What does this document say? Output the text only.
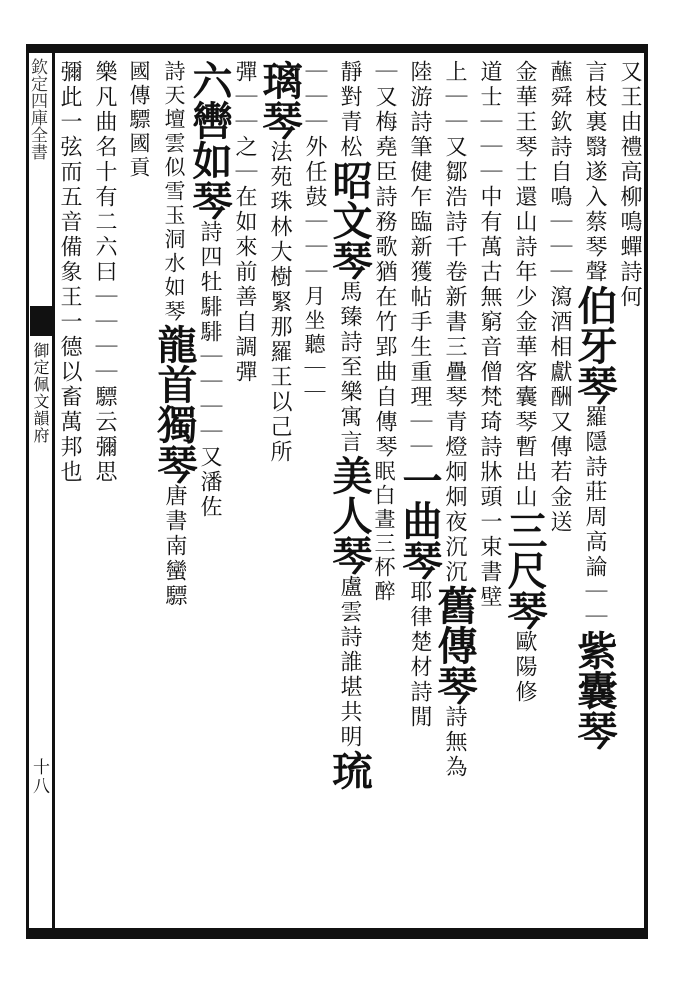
欽定四庫全書
御定佩文韻府
十八
又王由禮高柳鳴蟬詩何
言枝裏翳遂入蔡琴聲伯牙琴羅隱詩莊周高論｜｜紫囊琴
蘸舜欽詩自鳴｜｜｜瀉酒相獻酬又傳若金送
金華王琴士還山詩年少金華客囊琴暫出山三尺琴歐陽修
道士｜｜｜中有萬古無窮音僧梵琦詩牀頭一束書壁
上｜｜又鄒浩詩千卷新書三疊琴青燈炯炯夜沉沉舊傳琴詩無為
陸游詩筆健乍臨新獲帖手生重理｜｜一曲琴耶律楚材詩閒
｜又梅堯臣詩務歌猶在竹郢曲自傳琴眠白晝三杯醉
靜對青松昭文琴馬臻詩至樂寓言美人琴盧雲詩誰堪共明琉
｜｜｜外任鼓｜｜｜月坐聽｜｜
璃琴法苑珠林大樹緊那羅王以己所
彈｜｜之｜在如來前善自調彈
六轡如琴詩四牡騑騑｜｜｜｜又潘佐
詩天壇雲似雪玉洞水如琴龍首獨琴唐書南蠻驃
國傳驃國貢
樂凡曲名十有二六曰｜｜｜｜驃云彌思
彌此一弦而五音備象王一德以畜萬邦也
